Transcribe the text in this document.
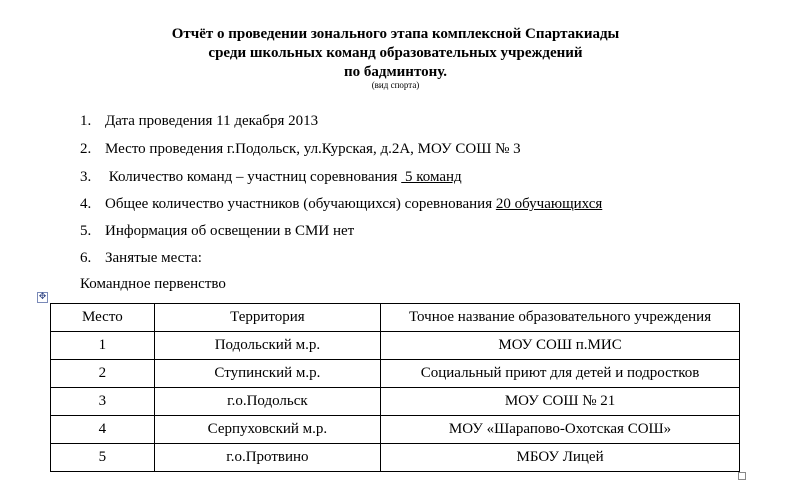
Отчёт о проведении зонального этапа комплексной Спартакиады
среди школьных команд образовательных учреждений
по бадминтону.
(вид спорта)
1. Дата проведения 11 декабря 2013
2. Место проведения г.Подольск, ул.Курская, д.2А, МОУ СОШ № 3
3. Количество команд – участниц соревнования  5 команд
4. Общее количество участников (обучающихся) соревнования 20 обучающихся
5. Информация об освещении в СМИ нет
6. Занятые места:
Командное первенство
✥
Место	Территория	Точное название образовательного учреждения
1	Подольский м.р.	МОУ СОШ п.МИС
2	Ступинский м.р.	Социальный приют для детей и подростков
3	г.о.Подольск	МОУ СОШ № 21
4	Серпуховский м.р.	МОУ «Шарапово-Охотская СОШ»
5	г.о.Протвино	МБОУ Лицей
